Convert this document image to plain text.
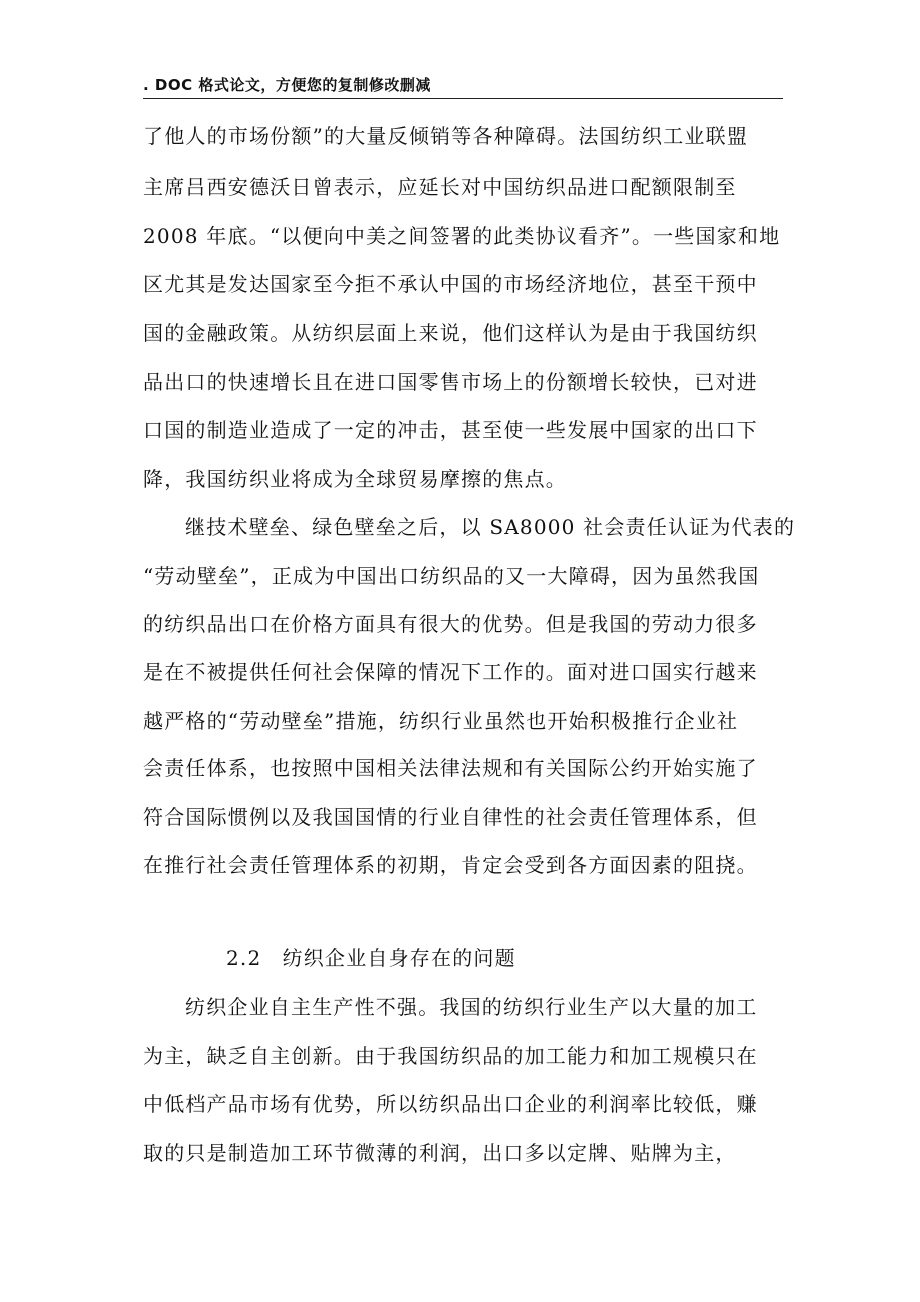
. DOC 格式论文，方便您的复制修改删减
了他人的市场份额”的大量反倾销等各种障碍。法国纺织工业联盟
主席吕西安德沃日曾表示，应延长对中国纺织品进口配额限制至
2008 年底。“以便向中美之间签署的此类协议看齐”。一些国家和地
区尤其是发达国家至今拒不承认中国的市场经济地位，甚至干预中
国的金融政策。从纺织层面上来说，他们这样认为是由于我国纺织
品出口的快速增长且在进口国零售市场上的份额增长较快，已对进
口国的制造业造成了一定的冲击，甚至使一些发展中国家的出口下
降，我国纺织业将成为全球贸易摩擦的焦点。
继技术壁垒、绿色壁垒之后，以 SA8000 社会责任认证为代表的
“劳动壁垒”，正成为中国出口纺织品的又一大障碍，因为虽然我国
的纺织品出口在价格方面具有很大的优势。但是我国的劳动力很多
是在不被提供任何社会保障的情况下工作的。面对进口国实行越来
越严格的“劳动壁垒”措施，纺织行业虽然也开始积极推行企业社
会责任体系，也按照中国相关法律法规和有关国际公约开始实施了
符合国际惯例以及我国国情的行业自律性的社会责任管理体系，但
在推行社会责任管理体系的初期，肯定会受到各方面因素的阻挠。
2.2　纺织企业自身存在的问题
纺织企业自主生产性不强。我国的纺织行业生产以大量的加工
为主，缺乏自主创新。由于我国纺织品的加工能力和加工规模只在
中低档产品市场有优势，所以纺织品出口企业的利润率比较低，赚
取的只是制造加工环节微薄的利润，出口多以定牌、贴牌为主，
